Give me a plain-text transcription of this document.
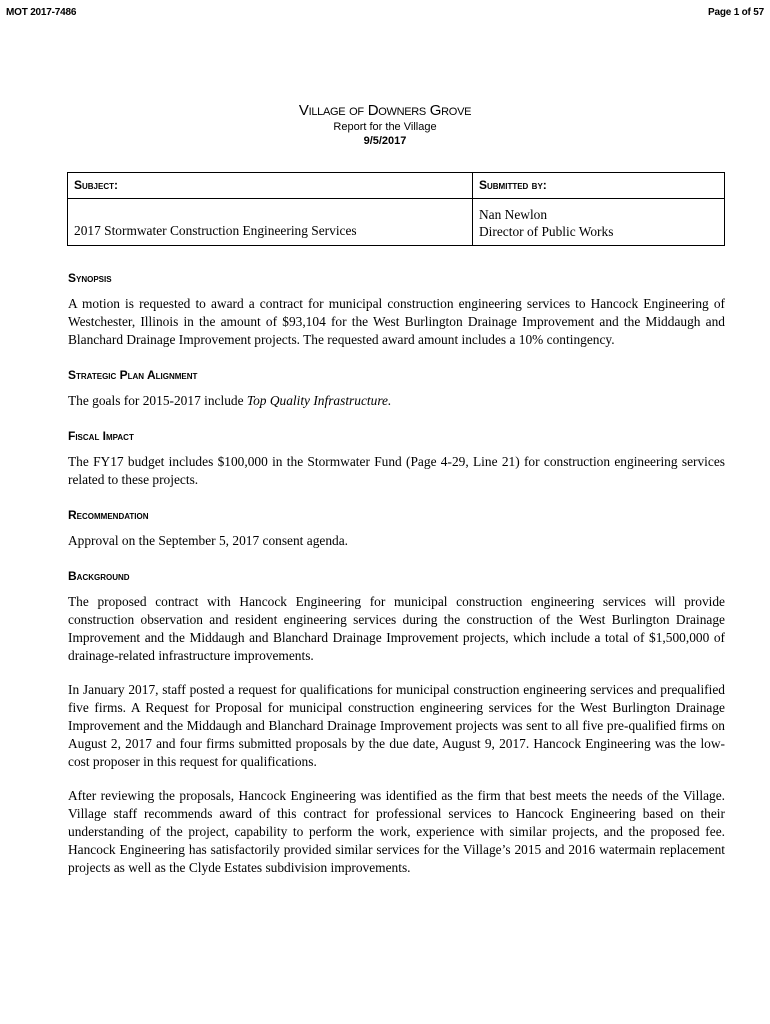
MOT 2017-7486	Page 1 of 57
Village of Downers Grove
Report for the Village
9/5/2017
Subject:	Submitted by:

2017 Stormwater Construction Engineering Services	Nan Newlon
Director of Public Works
Synopsis

A motion is requested to award a contract for municipal construction engineering services to Hancock Engineering of Westchester, Illinois in the amount of $93,104 for the West Burlington Drainage Improvement and the Middaugh and Blanchard Drainage Improvement projects. The requested award amount includes a 10% contingency.

Strategic Plan Alignment

The goals for 2015-2017 include Top Quality Infrastructure.

Fiscal Impact

The FY17 budget includes $100,000 in the Stormwater Fund (Page 4-29, Line 21) for construction engineering services related to these projects.

Recommendation

Approval on the September 5, 2017 consent agenda.

Background

The proposed contract with Hancock Engineering for municipal construction engineering services will provide construction observation and resident engineering services during the construction of the West Burlington Drainage Improvement and the Middaugh and Blanchard Drainage Improvement projects, which include a total of $1,500,000 of drainage-related infrastructure improvements.

In January 2017, staff posted a request for qualifications for municipal construction engineering services and prequalified five firms. A Request for Proposal for municipal construction engineering services for the West Burlington Drainage Improvement and the Middaugh and Blanchard Drainage Improvement projects was sent to all five pre-qualified firms on August 2, 2017 and four firms submitted proposals by the due date, August 9, 2017. Hancock Engineering was the low-cost proposer in this request for qualifications.

After reviewing the proposals, Hancock Engineering was identified as the firm that best meets the needs of the Village. Village staff recommends award of this contract for professional services to Hancock Engineering based on their understanding of the project, capability to perform the work, experience with similar projects, and the proposed fee. Hancock Engineering has satisfactorily provided similar services for the Village’s 2015 and 2016 watermain replacement projects as well as the Clyde Estates subdivision improvements.
